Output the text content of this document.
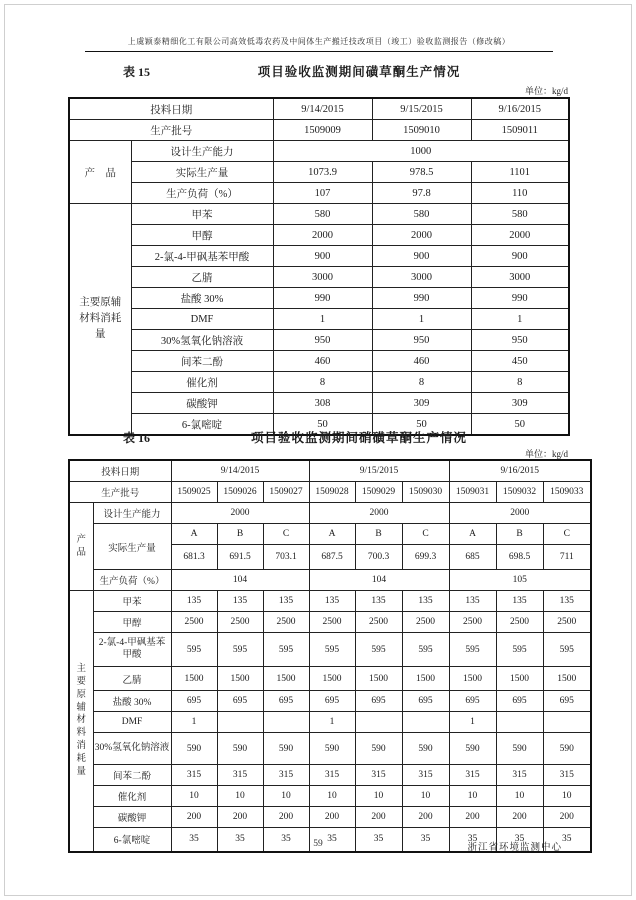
上虞颖泰精细化工有限公司高效低毒农药及中间体生产搬迁技改项目（竣工）验收监测报告（修改稿）
表 15	项目验收监测期间磺草酮生产情况
单位：kg/d
投料日期		9/14/2015	9/15/2015	9/16/2015
生产批号		1509009	1509010	1509011
产　品	设计生产能力	1000		
	实际生产量	1073.9	978.5	1101
	生产负荷（%）	107	97.8	110

主要原辅材料消耗量	甲苯	580	580	580
	甲醇	2000	2000	2000
	2-氯-4-甲砜基苯甲酸	900	900	900
	乙腈	3000	3000	3000
	盐酸 30%	990	990	990
	DMF	1	1	1
	30%氢氧化钠溶液	950	950	950
	间苯二酚	460	460	450
	催化剂	8	8	8
	碳酸钾	308	309	309
	6-氯嘧啶	50	50	50
表 16	项目验收监测期间硝磺草酮生产情况
单位：kg/d
投料日期		9/14/2015			9/15/2015			9/16/2015		
生产批号		1509025	1509026	1509027	1509028	1509029	1509030	1509031	1509032	1509033

产品	设计生产能力	2000			2000			2000		
	实际生产量	A	B	C	A	B	C	A	B	C
		681.3	691.5	703.1	687.5	700.3	699.3	685	698.5	711
	生产负荷（%）	104			104			105		

主要原辅材料消耗量	甲苯	135	135	135	135	135	135	135	135	135
	甲醇	2500	2500	2500	2500	2500	2500	2500	2500	2500
	2-氯-4-甲砜基苯甲酸	595	595	595	595	595	595	595	595	595
	乙腈	1500	1500	1500	1500	1500	1500	1500	1500	1500
	盐酸 30%	695	695	695	695	695	695	695	695	695
	DMF	1			1			1		
	30%氢氧化钠溶液	590	590	590	590	590	590	590	590	590
	间苯二酚	315	315	315	315	315	315	315	315	315
	催化剂	10	10	10	10	10	10	10	10	10
	碳酸钾	200	200	200	200	200	200	200	200	200
	6-氯嘧啶	35	35	35	35	35	35	35	35	35
59	浙江省环境监测中心
